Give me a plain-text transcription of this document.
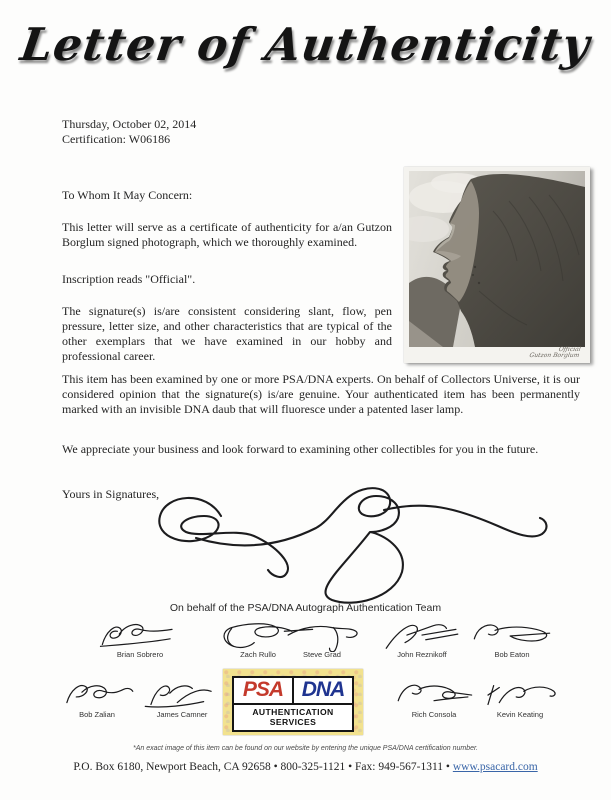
Letter of Authenticity
Thursday, October 02, 2014
Certification: W06186
To Whom It May Concern:

This letter will serve as a certificate of authenticity for a/an Gutzon Borglum signed photograph, which we thoroughly examined.

Inscription reads "Official".

The signature(s) is/are consistent considering slant, flow, pen pressure, letter size, and other characteristics that are typical of the other exemplars that we have examined in our hobby and professional career.

This item has been examined by one or more PSA/DNA experts. On behalf of Collectors Universe, it is our considered opinion that the signature(s) is/are genuine. Your authenticated item has been permanently marked with an invisible DNA daub that will fluoresce under a patented laser lamp.

We appreciate your business and look forward to examining other collectibles for you in the future.

Yours in Signatures,
Official
Gutzon Borglum
On behalf of the PSA/DNA Autograph Authentication Team
Brian Sobrero	Zach Rullo	Steve Grad	John Reznikoff	Bob Eaton
Bob Zalian	James Camner
PSA DNA
AUTHENTICATION SERVICES
Rich Consola	Kevin Keating
*An exact image of this item can be found on our website by entering the unique PSA/DNA certification number.
P.O. Box 6180, Newport Beach, CA 92658 • 800-325-1121 • Fax: 949-567-1311 • www.psacard.com
